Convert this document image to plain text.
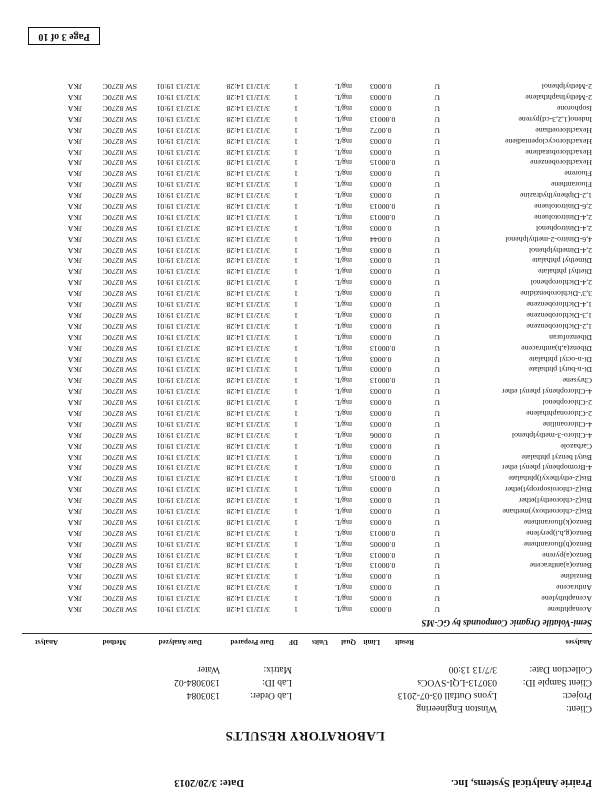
Prairie Analytical Systems, Inc.
Date: 3/20/2013
LABORATORY RESULTS
Client:
Winston Engineering
Project:
Lyons Outfall 03-07-2013
Lab Order:
1303084
Client Sample ID:
030713-LQI-SVOCs
Lab ID:
1303084-02
Collection Date:
3/7/13 13:00
Matrix:
Water
Analyses
Result
Limit
Qual
Units
DF
Date Prepared
Date Analyzed
Method
Analyst
Semi-Volatile Organic Compounds by GC-MS
Acenaphthene
U
0.0003
mg/L
1
3/12/13 14:28
3/12/13 19:01
SW 8270C
JKA
Acenaphthylene
U
0.0005
mg/L
1
3/12/13 14:28
3/12/13 19:01
SW 8270C
JKA
Anthracene
U
0.0003
mg/L
1
3/12/13 14:28
3/12/13 19:01
SW 8270C
JKA
Benzidine
U
0.0003
mg/L
1
3/12/13 14:28
3/12/13 19:01
SW 8270C
JKA
Benzo(a)anthracene
U
0.00013
mg/L
1
3/12/13 14:28
3/12/13 19:01
SW 8270C
JKA
Benzo(a)pyrene
U
0.00013
mg/L
1
3/12/13 14:28
3/12/13 19:01
SW 8270C
JKA
Benzo(b)fluoranthene
U
0.00005
mg/L
1
3/12/13 14:28
3/12/13 19:01
SW 8270C
JKA
Benzo(g,h,i)perylene
U
0.00013
mg/L
1
3/12/13 14:28
3/12/13 19:01
SW 8270C
JKA
Benzo(k)fluoranthene
U
0.0003
mg/L
1
3/12/13 14:28
3/12/13 19:01
SW 8270C
JKA
Bis(2-chloroethoxy)methane
U
0.0003
mg/L
1
3/12/13 14:28
3/12/13 19:01
SW 8270C
JKA
Bis(2-chloroethyl)ether
U
0.0003
mg/L
1
3/12/13 14:28
3/12/13 19:01
SW 8270C
JKA
Bis(2-chloroisopropyl)ether
U
0.0003
mg/L
1
3/12/13 14:28
3/12/13 19:01
SW 8270C
JKA
Bis(2-ethylhexyl)phthalate
U
0.00015
mg/L
1
3/12/13 14:28
3/12/13 19:01
SW 8270C
JKA
4-Bromophenyl phenyl ether
U
0.0003
mg/L
1
3/12/13 14:28
3/12/13 19:01
SW 8270C
JKA
Butyl benzyl phthalate
U
0.0003
mg/L
1
3/12/13 14:28
3/12/13 19:01
SW 8270C
JKA
Carbazole
U
0.0003
mg/L
1
3/12/13 14:28
3/12/13 19:01
SW 8270C
JKA
4-Chloro-3-methylphenol
U
0.0006
mg/L
1
3/12/13 14:28
3/12/13 19:01
SW 8270C
JKA
4-Chloroaniline
U
0.0003
mg/L
1
3/12/13 14:28
3/12/13 19:01
SW 8270C
JKA
2-Chloronaphthalene
U
0.0003
mg/L
1
3/12/13 14:28
3/12/13 19:01
SW 8270C
JKA
2-Chlorophenol
U
0.0003
mg/L
1
3/12/13 14:28
3/12/13 19:01
SW 8270C
JKA
4-Chlorophenyl phenyl ether
U
0.0003
mg/L
1
3/12/13 14:28
3/12/13 19:01
SW 8270C
JKA
Chrysene
U
0.00013
mg/L
1
3/12/13 14:28
3/12/13 19:01
SW 8270C
JKA
Di-n-butyl phthalate
U
0.0003
mg/L
1
3/12/13 14:28
3/12/13 19:01
SW 8270C
JKA
Di-n-octyl phthalate
U
0.0003
mg/L
1
3/12/13 14:28
3/12/13 19:01
SW 8270C
JKA
Dibenz(a,h)anthracene
U
0.00013
mg/L
1
3/12/13 14:28
3/12/13 19:01
SW 8270C
JKA
Dibenzofuran
U
0.0003
mg/L
1
3/12/13 14:28
3/12/13 19:01
SW 8270C
JKA
1,2-Dichlorobenzene
U
0.0003
mg/L
1
3/12/13 14:28
3/12/13 19:01
SW 8270C
JKA
1,3-Dichlorobenzene
U
0.0003
mg/L
1
3/12/13 14:28
3/12/13 19:01
SW 8270C
JKA
1,4-Dichlorobenzene
U
0.0003
mg/L
1
3/12/13 14:28
3/12/13 19:01
SW 8270C
JKA
3,3'-Dichlorobenzidine
U
0.0003
mg/L
1
3/12/13 14:28
3/12/13 19:01
SW 8270C
JKA
2,4-Dichlorophenol
U
0.0003
mg/L
1
3/12/13 14:28
3/12/13 19:01
SW 8270C
JKA
Diethyl phthalate
U
0.0003
mg/L
1
3/12/13 14:28
3/12/13 19:01
SW 8270C
JKA
Dimethyl phthalate
U
0.0003
mg/L
1
3/12/13 14:28
3/12/13 19:01
SW 8270C
JKA
2,4-Dimethylphenol
U
0.0003
mg/L
1
3/12/13 14:28
3/12/13 19:01
SW 8270C
JKA
4,6-Dinitro-2-methylphenol
U
0.0044
mg/L
1
3/12/13 14:28
3/12/13 19:01
SW 8270C
JKA
2,4-Dinitrophenol
U
0.0003
mg/L
1
3/12/13 14:28
3/12/13 19:01
SW 8270C
JKA
2,4-Dinitrotoluene
U
0.00013
mg/L
1
3/12/13 14:28
3/12/13 19:01
SW 8270C
JKA
2,6-Dinitrotoluene
U
0.00013
mg/L
1
3/12/13 14:28
3/12/13 19:01
SW 8270C
JKA
1,2-Diphenylhydrazine
U
0.0003
mg/L
1
3/12/13 14:28
3/12/13 19:01
SW 8270C
JKA
Fluoranthene
U
0.0003
mg/L
1
3/12/13 14:28
3/12/13 19:01
SW 8270C
JKA
Fluorene
U
0.0003
mg/L
1
3/12/13 14:28
3/12/13 19:01
SW 8270C
JKA
Hexachlorobenzene
U
0.00015
mg/L
1
3/12/13 14:28
3/12/13 19:01
SW 8270C
JKA
Hexachlorobutadiene
U
0.0003
mg/L
1
3/12/13 14:28
3/12/13 19:01
SW 8270C
JKA
Hexachlorocyclopentadiene
U
0.0003
mg/L
1
3/12/13 14:28
3/12/13 19:01
SW 8270C
JKA
Hexachloroethane
U
0.0072
mg/L
1
3/12/13 14:28
3/12/13 19:01
SW 8270C
JKA
Indeno(1,2,3-cd)pyrene
U
0.00013
mg/L
1
3/12/13 14:28
3/12/13 19:01
SW 8270C
JKA
Isophorone
U
0.0003
mg/L
1
3/12/13 14:28
3/12/13 19:01
SW 8270C
JKA
2-Methylnaphthalene
U
0.0003
mg/L
1
3/12/13 14:28
3/12/13 19:01
SW 8270C
JKA
2-Methylphenol
U
0.0003
mg/L
1
3/12/13 14:28
3/12/13 19:01
SW 8270C
JKA
Page 3 of 10
